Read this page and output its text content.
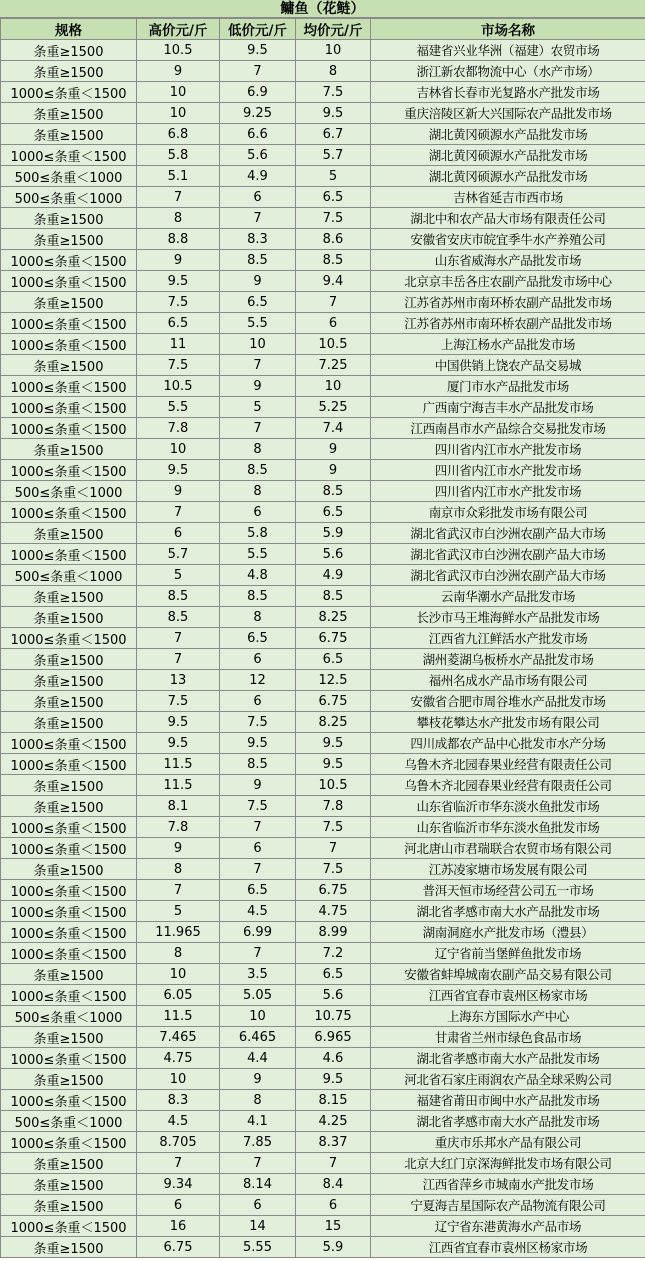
鳙鱼（花鲢）
规格	高价元/斤	低价元/斤	均价元/斤	市场名称
条重≥1500	10.5	9.5	10	福建省兴业华洲（福建）农贸市场
条重≥1500	9	7	8	浙江新农都物流中心（水产市场）
1000≤条重＜1500	10	6.9	7.5	吉林省长春市光复路水产批发市场
条重≥1500	10	9.25	9.5	重庆涪陵区新大兴国际农产品批发市场
条重≥1500	6.8	6.6	6.7	湖北黄冈硕源水产品批发市场
1000≤条重＜1500	5.8	5.6	5.7	湖北黄冈硕源水产品批发市场
500≤条重＜1000	5.1	4.9	5	湖北黄冈硕源水产品批发市场
500≤条重＜1000	7	6	6.5	吉林省延吉市西市场
条重≥1500	8	7	7.5	湖北中和农产品大市场有限责任公司
条重≥1500	8.8	8.3	8.6	安徽省安庆市皖宜季牛水产养殖公司
1000≤条重＜1500	9	8.5	8.5	山东省威海水产品批发市场
1000≤条重＜1500	9.5	9	9.4	北京京丰岳各庄农副产品批发市场中心
条重≥1500	7.5	6.5	7	江苏省苏州市南环桥农副产品批发市场
1000≤条重＜1500	6.5	5.5	6	江苏省苏州市南环桥农副产品批发市场
1000≤条重＜1500	11	10	10.5	上海江杨水产品批发市场
条重≥1500	7.5	7	7.25	中国供销上饶农产品交易城
1000≤条重＜1500	10.5	9	10	厦门市水产品批发市场
1000≤条重＜1500	5.5	5	5.25	广西南宁海吉丰水产品批发市场
1000≤条重＜1500	7.8	7	7.4	江西南昌市水产品综合交易批发市场
条重≥1500	10	8	9	四川省内江市水产批发市场
1000≤条重＜1500	9.5	8.5	9	四川省内江市水产批发市场
500≤条重＜1000	9	8	8.5	四川省内江市水产批发市场
1000≤条重＜1500	7	6	6.5	南京市众彩批发市场有限公司
条重≥1500	6	5.8	5.9	湖北省武汉市白沙洲农副产品大市场
1000≤条重＜1500	5.7	5.5	5.6	湖北省武汉市白沙洲农副产品大市场
500≤条重＜1000	5	4.8	4.9	湖北省武汉市白沙洲农副产品大市场
条重≥1500	8.5	8.5	8.5	云南华潮水产品批发市场
条重≥1500	8.5	8	8.25	长沙市马王堆海鲜水产品批发市场
1000≤条重＜1500	7	6.5	6.75	江西省九江鲜活水产批发市场
条重≥1500	7	6	6.5	湖州菱湖乌板桥水产品批发市场
条重≥1500	13	12	12.5	福州名成水产品市场有限公司
条重≥1500	7.5	6	6.75	安徽省合肥市周谷堆水产品批发市场
条重≥1500	9.5	7.5	8.25	攀枝花攀达水产批发市场有限公司
1000≤条重＜1500	9.5	9.5	9.5	四川成都农产品中心批发市水产分场
1000≤条重＜1500	11.5	8.5	9.5	乌鲁木齐北园春果业经营有限责任公司
条重≥1500	11.5	9	10.5	乌鲁木齐北园春果业经营有限责任公司
条重≥1500	8.1	7.5	7.8	山东省临沂市华东淡水鱼批发市场
1000≤条重＜1500	7.8	7	7.5	山东省临沂市华东淡水鱼批发市场
1000≤条重＜1500	9	6	7	河北唐山市君瑞联合农贸市场有限公司
条重≥1500	8	7	7.5	江苏凌家塘市场发展有限公司
1000≤条重＜1500	7	6.5	6.75	普洱天恒市场经营公司五一市场
1000≤条重＜1500	5	4.5	4.75	湖北省孝感市南大水产品批发市场
1000≤条重＜1500	11.965	6.99	8.99	湖南洞庭水产批发市场（澧县）
1000≤条重＜1500	8	7	7.2	辽宁省前当堡鲜鱼批发市场
条重≥1500	10	3.5	6.5	安徽省蚌埠城南农副产品交易有限公司
1000≤条重＜1500	6.05	5.05	5.6	江西省宜春市袁州区杨家市场
500≤条重＜1000	11.5	10	10.75	上海东方国际水产中心
条重≥1500	7.465	6.465	6.965	甘肃省兰州市绿色食品市场
1000≤条重＜1500	4.75	4.4	4.6	湖北省孝感市南大水产品批发市场
条重≥1500	10	9	9.5	河北省石家庄雨润农产品全球采购公司
1000≤条重＜1500	8.3	8	8.15	福建省莆田市闽中水产品批发市场
500≤条重＜1000	4.5	4.1	4.25	湖北省孝感市南大水产品批发市场
1000≤条重＜1500	8.705	7.85	8.37	重庆市乐邦水产品有限公司
条重≥1500	7	7	7	北京大红门京深海鲜批发市场有限公司
条重≥1500	9.34	8.14	8.4	江西省萍乡市城南水产批发市场
条重≥1500	6	6	6	宁夏海吉星国际农产品物流有限公司
1000≤条重＜1500	16	14	15	辽宁省东港黄海水产品市场
条重≥1500	6.75	5.55	5.9	江西省宜春市袁州区杨家市场
